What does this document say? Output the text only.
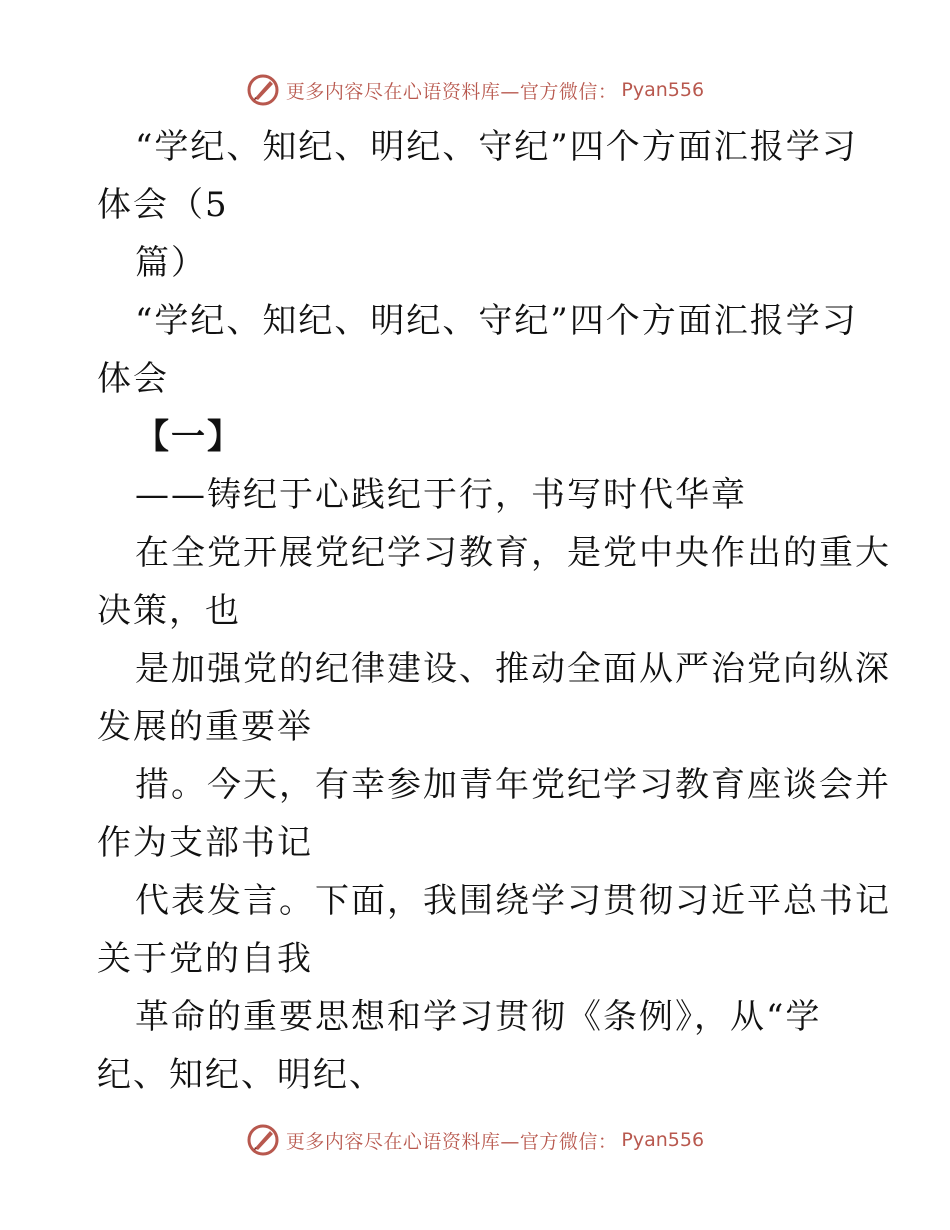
更多内容尽在心语资料库—官方微信： Pyan556
“学纪、知纪、明纪、守纪”四个方面汇报学习
体会（5
篇）
“学纪、知纪、明纪、守纪”四个方面汇报学习
体会
【一】
——铸纪于心践纪于行，书写时代华章
在全党开展党纪学习教育，是党中央作出的重大
决策，也
是加强党的纪律建设、推动全面从严治党向纵深
发展的重要举
措。今天，有幸参加青年党纪学习教育座谈会并
作为支部书记
代表发言。下面，我围绕学习贯彻习近平总书记
关于党的自我
革命的重要思想和学习贯彻《条例》，从“学
纪、知纪、明纪、
更多内容尽在心语资料库—官方微信： Pyan556
